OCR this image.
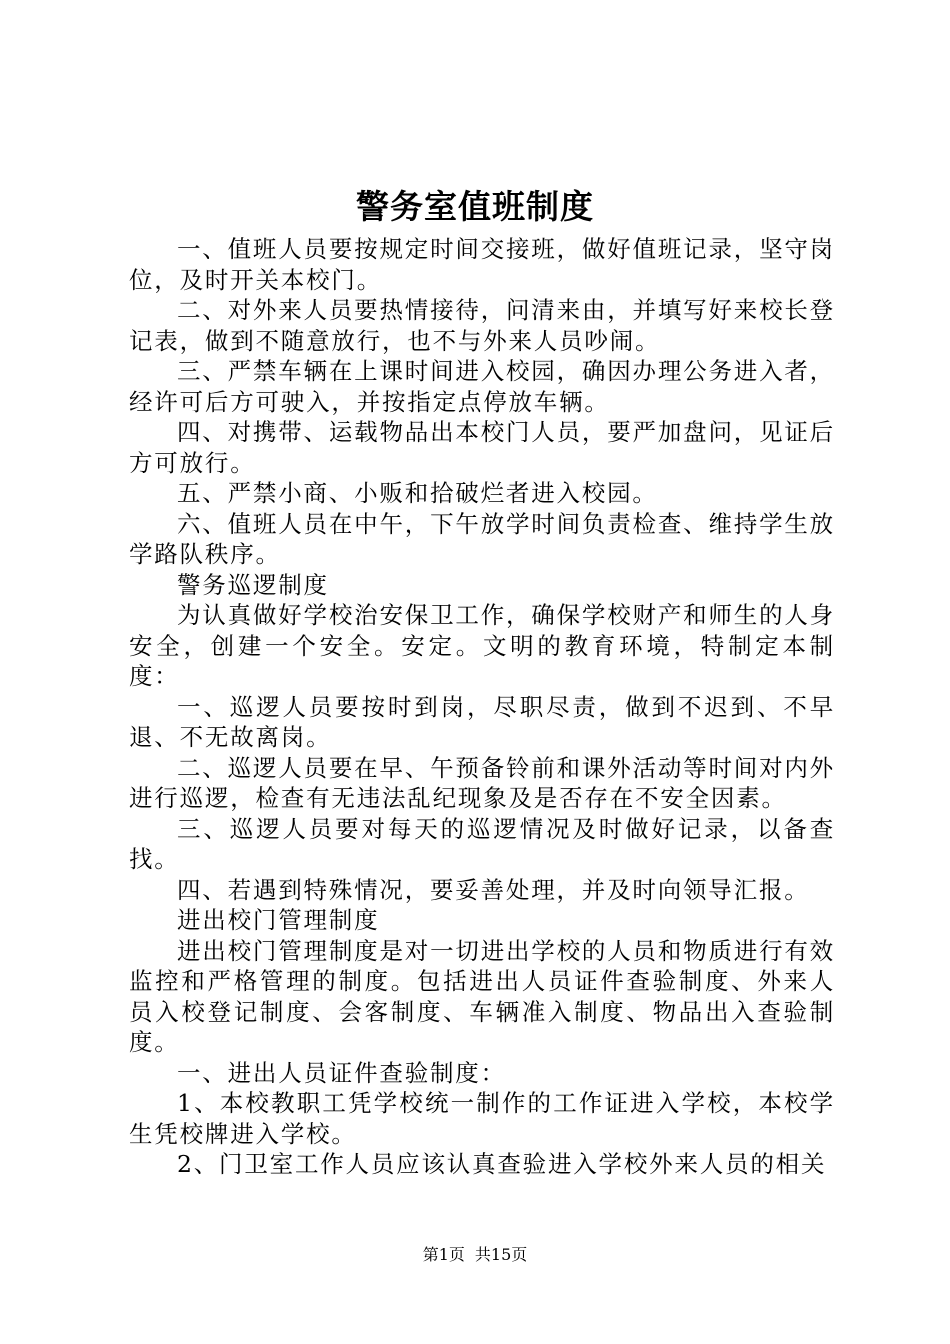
警务室值班制度

一、值班人员要按规定时间交接班，做好值班记录，坚守岗位，及时开关本校门。

二、对外来人员要热情接待，问清来由，并填写好来校长登记表，做到不随意放行，也不与外来人员吵闹。

三、严禁车辆在上课时间进入校园，确因办理公务进入者，经许可后方可驶入，并按指定点停放车辆。

四、对携带、运载物品出本校门人员，要严加盘问，见证后方可放行。

五、严禁小商、小贩和拾破烂者进入校园。

六、值班人员在中午，下午放学时间负责检查、维持学生放学路队秩序。

警务巡逻制度

为认真做好学校治安保卫工作，确保学校财产和师生的人身安全，创建一个安全。安定。文明的教育环境，特制定本制度：

一、巡逻人员要按时到岗，尽职尽责，做到不迟到、不早退、不无故离岗。

二、巡逻人员要在早、午预备铃前和课外活动等时间对内外进行巡逻，检查有无违法乱纪现象及是否存在不安全因素。

三、巡逻人员要对每天的巡逻情况及时做好记录，以备查找。

四、若遇到特殊情况，要妥善处理，并及时向领导汇报。

进出校门管理制度

进出校门管理制度是对一切进出学校的人员和物质进行有效监控和严格管理的制度。包括进出人员证件查验制度、外来人员入校登记制度、会客制度、车辆准入制度、物品出入查验制度。

一、进出人员证件查验制度：

1、本校教职工凭学校统一制作的工作证进入学校，本校学生凭校牌进入学校。

2、门卫室工作人员应该认真查验进入学校外来人员的相关

第1页 共15页
